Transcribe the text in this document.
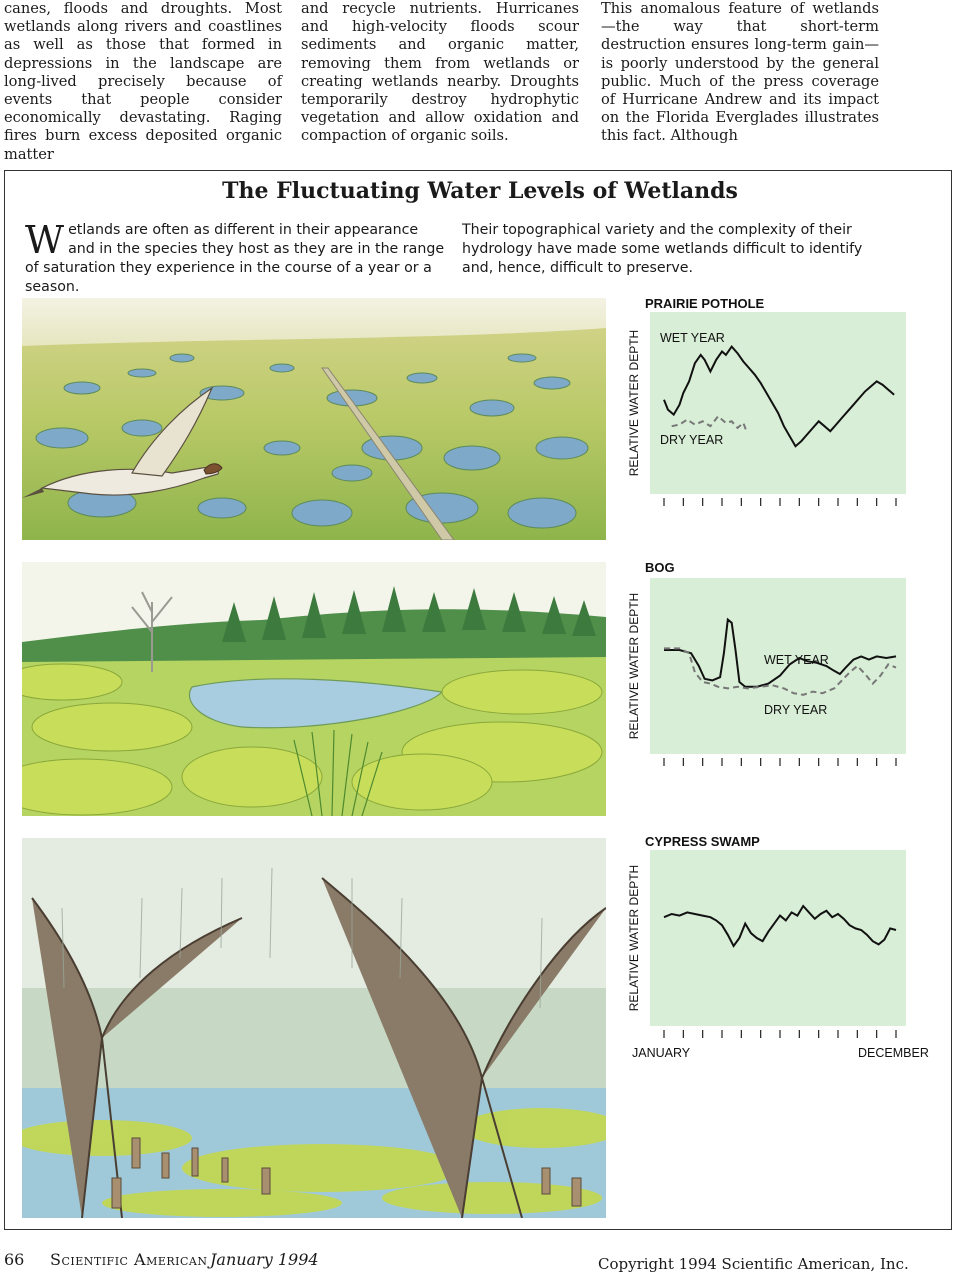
canes, floods and droughts. Most wetlands along rivers and coastlines as well as those that formed in depressions in the landscape are long-lived precisely because of events that people consider economically devastating. Raging fires burn excess deposited organic matter

and recycle nutrients. Hurricanes and high-velocity floods scour sediments and organic matter, removing them from wetlands or creating wetlands nearby. Droughts temporarily destroy hydrophytic vegetation and allow oxidation and compaction of organic soils.

This anomalous feature of wetlands—the way that short-term destruction ensures long-term gain—is poorly understood by the general public. Much of the press coverage of Hurricane Andrew and its impact on the Florida Everglades illustrates this fact. Although

The Fluctuating Water Levels of Wetlands

Wetlands are often as different in their appearance and in the species they host as they are in the range of saturation they experience in the course of a year or a season.

Their topographical variety and the complexity of their hydrology have made some wetlands difficult to identify and, hence, difficult to preserve.

PRAIRIE POTHOLE
BOG
CYPRESS SWAMP
RELATIVE WATER DEPTH WET YEAR
DRY YEAR
RELATIVE WATER DEPTH	WET YEAR
DRY YEAR
RELATIVE WATER DEPTH
JANUARY	DECEMBER
66 Scientific American January 1994	Copyright 1994 Scientific American, Inc.
